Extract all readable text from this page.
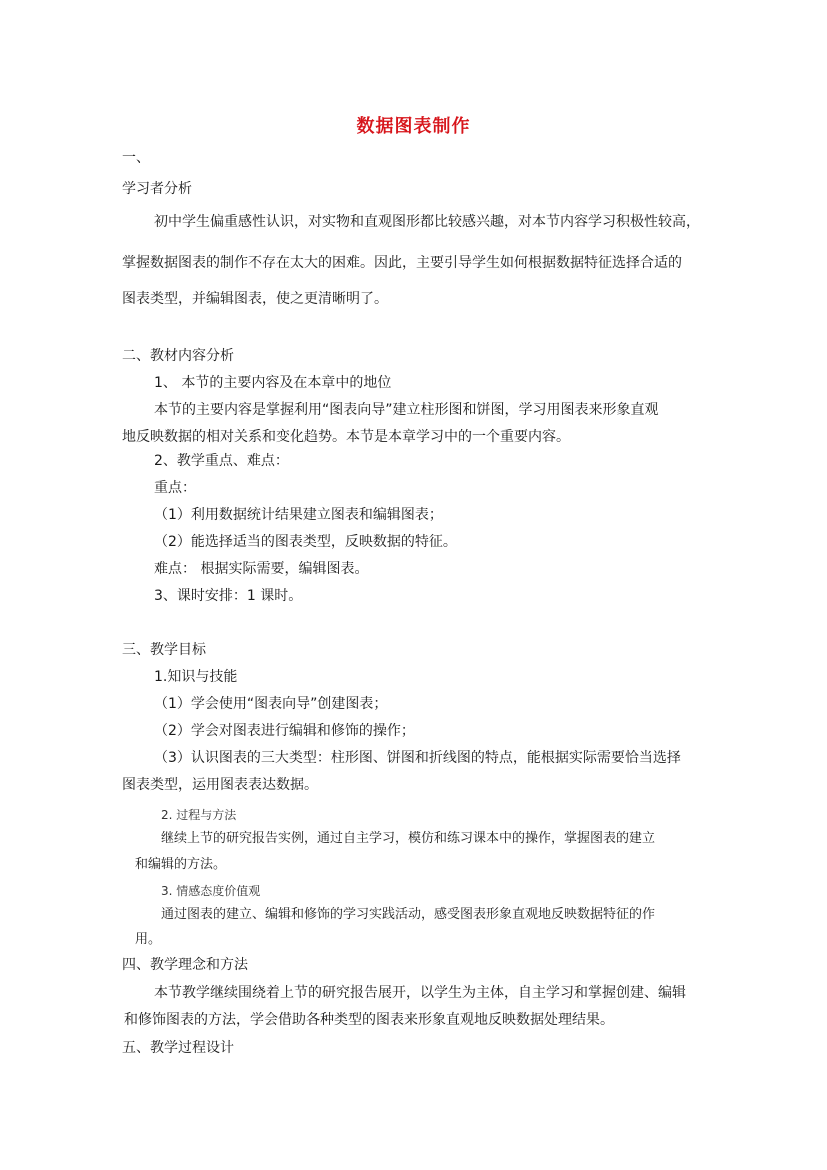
数据图表制作
一、
学习者分析
初中学生偏重感性认识，对实物和直观图形都比较感兴趣，对本节内容学习积极性较高，
掌握数据图表的制作不存在太大的困难。因此，主要引导学生如何根据数据特征选择合适的
图表类型，并编辑图表，使之更清晰明了。
二、教材内容分析
1、 本节的主要内容及在本章中的地位
本节的主要内容是掌握利用“图表向导”建立柱形图和饼图，学习用图表来形象直观
地反映数据的相对关系和变化趋势。本节是本章学习中的一个重要内容。
2、教学重点、难点：
重点：
（1）利用数据统计结果建立图表和编辑图表；
（2）能选择适当的图表类型，反映数据的特征。
难点： 根据实际需要，编辑图表。
3、课时安排：1 课时。
三、教学目标
1.知识与技能
（1）学会使用“图表向导”创建图表；
（2）学会对图表进行编辑和修饰的操作；
（3）认识图表的三大类型：柱形图、饼图和折线图的特点，能根据实际需要恰当选择
图表类型，运用图表表达数据。
2. 过程与方法
继续上节的研究报告实例，通过自主学习，模仿和练习课本中的操作，掌握图表的建立
和编辑的方法。
3. 情感态度价值观
通过图表的建立、编辑和修饰的学习实践活动，感受图表形象直观地反映数据特征的作
用。
四、教学理念和方法
本节教学继续围绕着上节的研究报告展开，以学生为主体，自主学习和掌握创建、编辑
和修饰图表的方法，学会借助各种类型的图表来形象直观地反映数据处理结果。
五、教学过程设计
